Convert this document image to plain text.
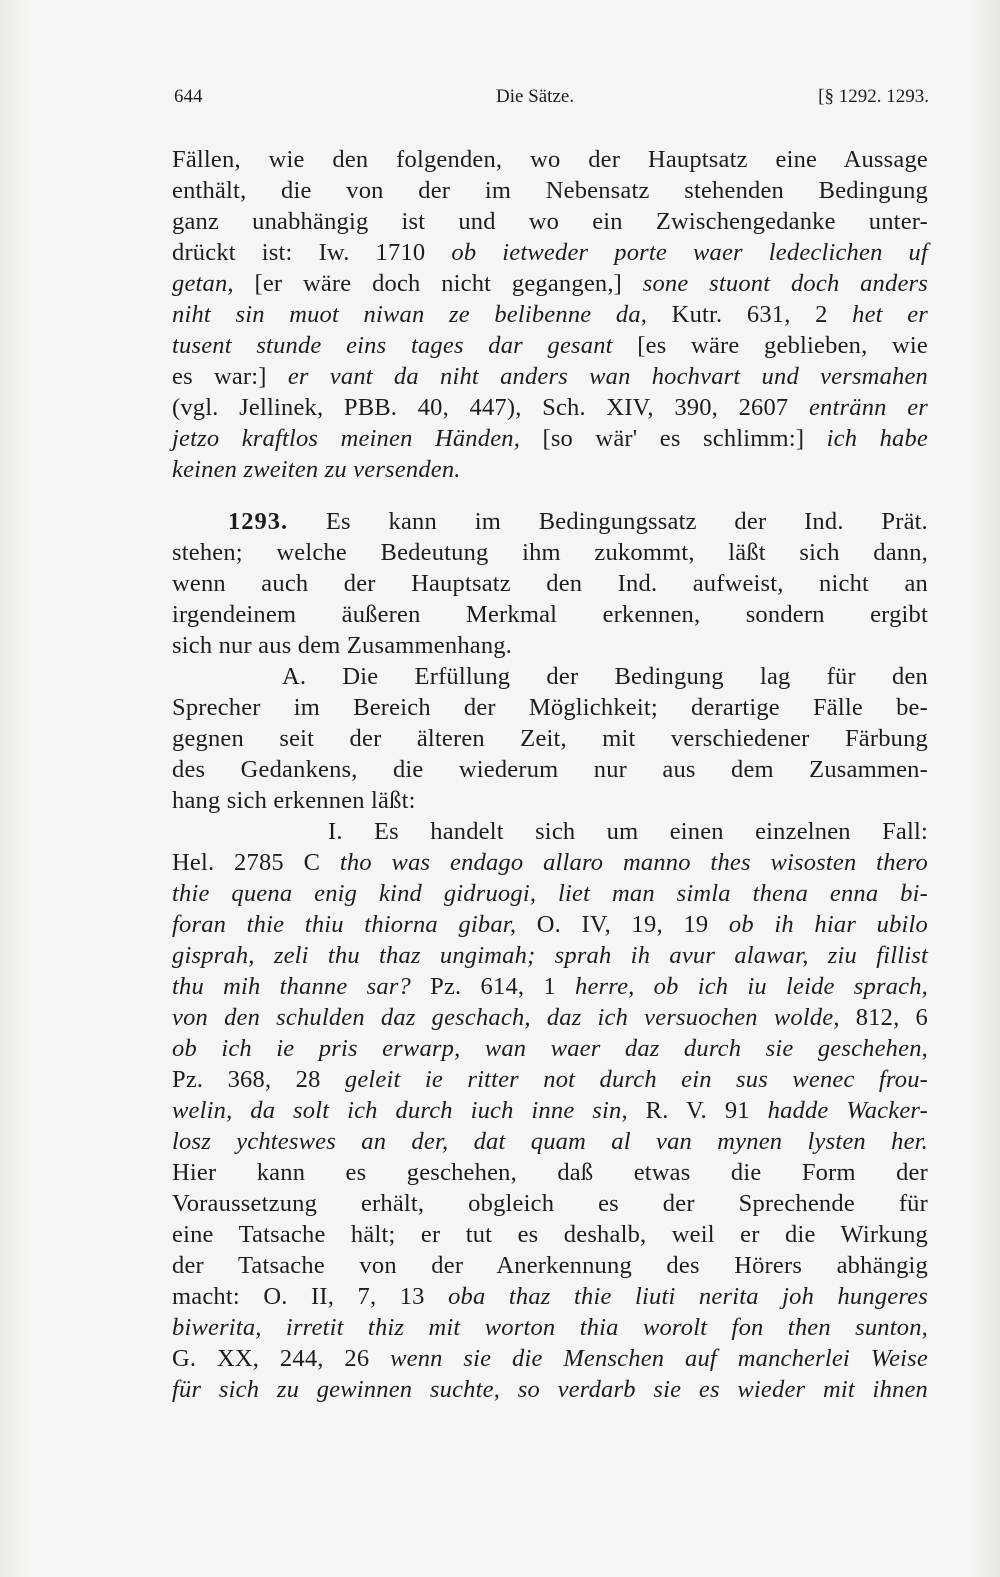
644	Die Sätze.	[§ 1292. 1293.
Fällen, wie den folgenden, wo der Hauptsatz eine Aussage
enthält, die von der im Nebensatz stehenden Bedingung
ganz unabhängig ist und wo ein Zwischengedanke unter-
drückt ist: Iw. 1710 ob ietweder porte waer ledeclichen uf
getan, [er wäre doch nicht gegangen,] sone stuont doch anders
niht sin muot niwan ze belibenne da, Kutr. 631, 2 het er
tusent stunde eins tages dar gesant [es wäre geblieben, wie
es war:] er vant da niht anders wan hochvart und versmahen
(vgl. Jellinek, PBB. 40, 447), Sch. XIV, 390, 2607 entränn er
jetzo kraftlos meinen Händen, [so wär' es schlimm:] ich habe
keinen zweiten zu versenden.
1293. Es kann im Bedingungssatz der Ind. Prät.
stehen; welche Bedeutung ihm zukommt, läßt sich dann,
wenn auch der Hauptsatz den Ind. aufweist, nicht an
irgendeinem äußeren Merkmal erkennen, sondern ergibt
sich nur aus dem Zusammenhang.
A. Die Erfüllung der Bedingung lag für den
Sprecher im Bereich der Möglichkeit; derartige Fälle be-
gegnen seit der älteren Zeit, mit verschiedener Färbung
des Gedankens, die wiederum nur aus dem Zusammen-
hang sich erkennen läßt:
I. Es handelt sich um einen einzelnen Fall:
Hel. 2785 C tho was endago allaro manno thes wisosten thero
thie quena enig kind gidruogi, liet man simla thena enna bi-
foran thie thiu thiorna gibar, O. IV, 19, 19 ob ih hiar ubilo
gisprah, zeli thu thaz ungimah; sprah ih avur alawar, ziu fillist
thu mih thanne sar? Pz. 614, 1 herre, ob ich iu leide sprach,
von den schulden daz geschach, daz ich versuochen wolde, 812, 6
ob ich ie pris erwarp, wan waer daz durch sie geschehen,
Pz. 368, 28 geleit ie ritter not durch ein sus wenec frou-
welin, da solt ich durch iuch inne sin, R. V. 91 hadde Wacker-
losz ychteswes an der, dat quam al van mynen lysten her.
Hier kann es geschehen, daß etwas die Form der
Voraussetzung erhält, obgleich es der Sprechende für
eine Tatsache hält; er tut es deshalb, weil er die Wirkung
der Tatsache von der Anerkennung des Hörers abhängig
macht: O. II, 7, 13 oba thaz thie liuti nerita joh hungeres
biwerita, irretit thiz mit worton thia worolt fon then sunton,
G. XX, 244, 26 wenn sie die Menschen auf mancherlei Weise
für sich zu gewinnen suchte, so verdarb sie es wieder mit ihnen
